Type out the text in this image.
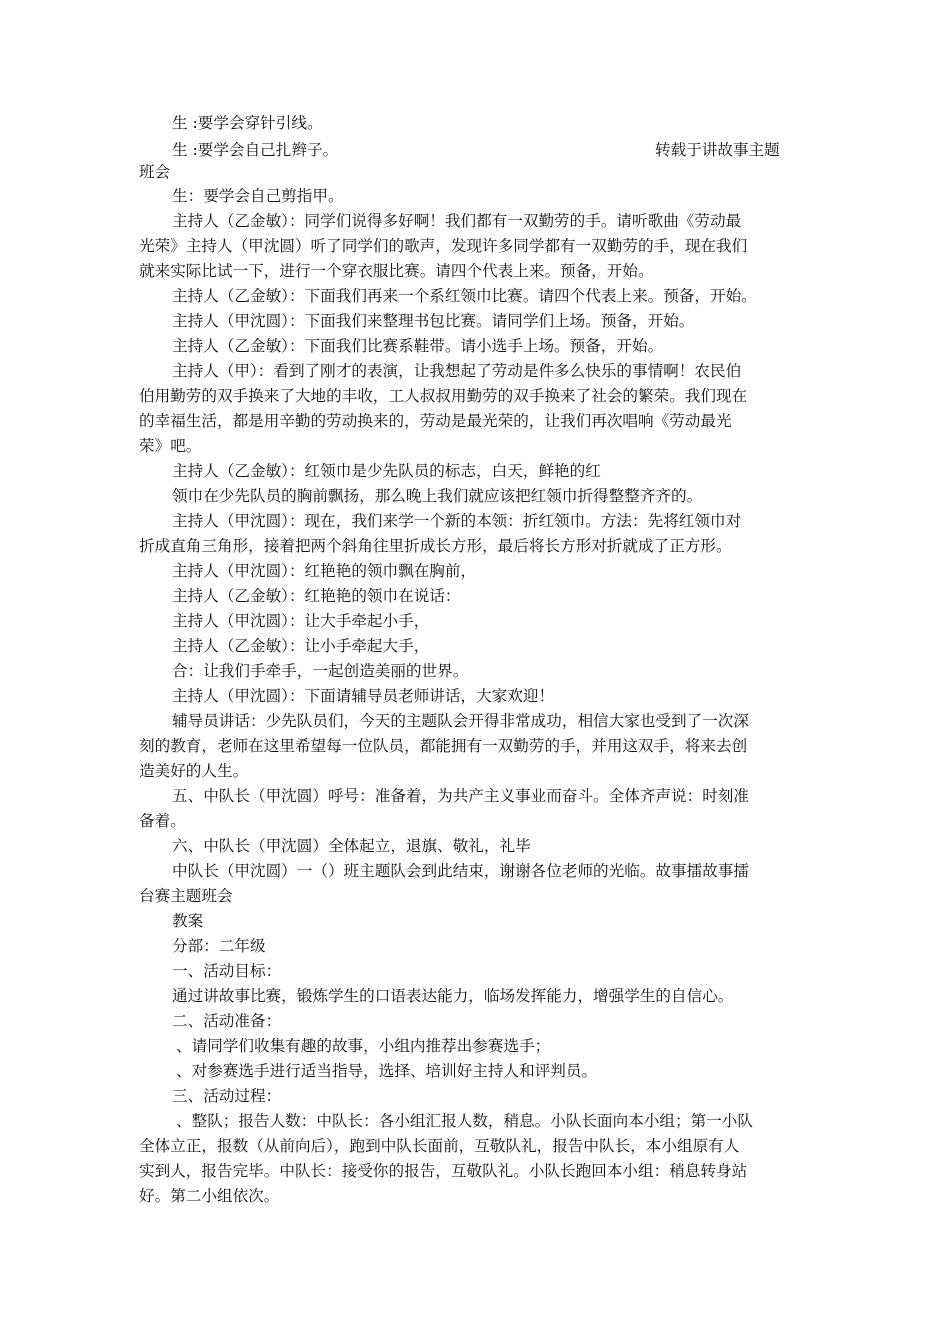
生 :要学会穿针引线。
生 :要学会自己扎辫子。	转载于讲故事主题
班会
生：要学会自己剪指甲。
主持人（乙金敏）：同学们说得多好啊！我们都有一双勤劳的手。请听歌曲《劳动最
光荣》主持人（甲沈圆）听了同学们的歌声，发现许多同学都有一双勤劳的手，现在我们
就来实际比试一下，进行一个穿衣服比赛。请四个代表上来。预备，开始。
主持人（乙金敏）：下面我们再来一个系红领巾比赛。请四个代表上来。预备，开始。
主持人（甲沈圆）：下面我们来整理书包比赛。请同学们上场。预备，开始。
主持人（乙金敏）：下面我们比赛系鞋带。请小选手上场。预备，开始。
主持人（甲）：看到了刚才的表演，让我想起了劳动是件多么快乐的事情啊！农民伯
伯用勤劳的双手换来了大地的丰收，工人叔叔用勤劳的双手换来了社会的繁荣。我们现在
的幸福生活，都是用辛勤的劳动换来的，劳动是最光荣的，让我们再次唱响《劳动最光
荣》吧。
主持人（乙金敏）：红领巾是少先队员的标志，白天，鲜艳的红
领巾在少先队员的胸前飘扬，那么晚上我们就应该把红领巾折得整整齐齐的。
主持人（甲沈圆）：现在，我们来学一个新的本领：折红领巾。方法：先将红领巾对
折成直角三角形，接着把两个斜角往里折成长方形，最后将长方形对折就成了正方形。
主持人（甲沈圆）：红艳艳的领巾飘在胸前，
主持人（乙金敏）：红艳艳的领巾在说话：
主持人（甲沈圆）：让大手牵起小手，
主持人（乙金敏）：让小手牵起大手，
合：让我们手牵手，一起创造美丽的世界。
主持人（甲沈圆）：下面请辅导员老师讲话，大家欢迎！
辅导员讲话：少先队员们，今天的主题队会开得非常成功，相信大家也受到了一次深
刻的教育，老师在这里希望每一位队员，都能拥有一双勤劳的手，并用这双手，将来去创
造美好的人生。
五、中队长（甲沈圆）呼号：准备着，为共产主义事业而奋斗。全体齐声说：时刻准
备着。
六、中队长（甲沈圆）全体起立，退旗、敬礼，礼毕
中队长（甲沈圆）一（）班主题队会到此结束，谢谢各位老师的光临。故事擂故事擂
台赛主题班会
教案
分部：二年级
一、活动目标：
通过讲故事比赛，锻炼学生的口语表达能力，临场发挥能力，增强学生的自信心。
二、活动准备：
、请同学们收集有趣的故事，小组内推荐出参赛选手；
、对参赛选手进行适当指导，选择、培训好主持人和评判员。
三、活动过程：
、整队；报告人数：中队长：各小组汇报人数，稍息。小队长面向本小组；第一小队
全体立正，报数（从前向后），跑到中队长面前，互敬队礼，报告中队长，本小组原有人
实到人，报告完毕。中队长：接受你的报告，互敬队礼。小队长跑回本小组：稍息转身站
好。第二小组依次。
